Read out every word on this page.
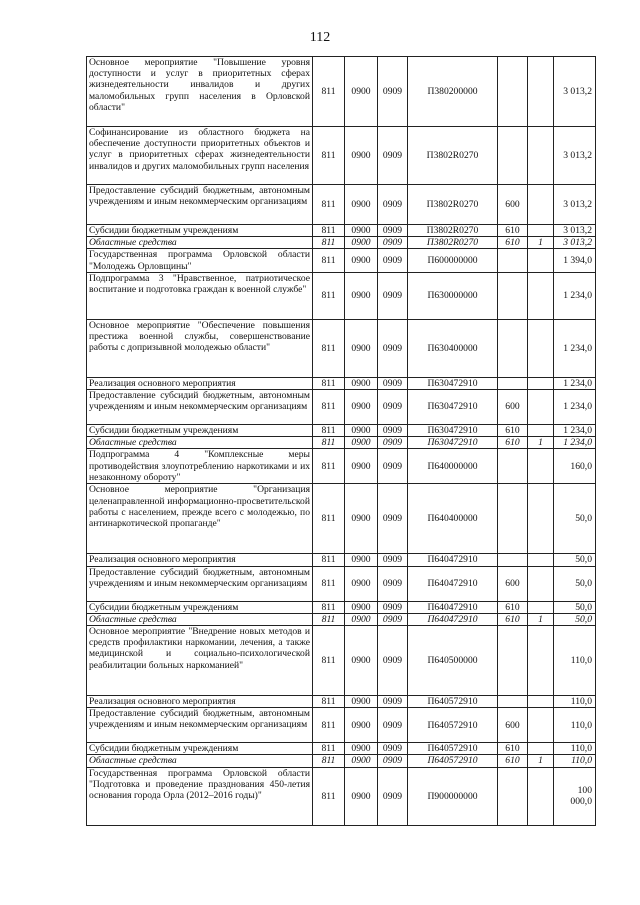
112
Основное мероприятие "Повышение уровня доступности и услуг в приоритетных сферах жизнедеятельности инвалидов и других маломобильных групп населения в Орловской области"	811	0900	0909	П380200000			3 013,2
Софинансирование из областного бюджета на обеспечение доступности приоритетных объектов и услуг в приоритетных сферах жизнедеятельности инвалидов и других маломобильных групп населения	811	0900	0909	П3802R0270			3 013,2
Предоставление субсидий бюджетным, автономным учреждениям и иным некоммерческим организациям	811	0900	0909	П3802R0270	600		3 013,2
Субсидии бюджетным учреждениям	811	0900	0909	П3802R0270	610		3 013,2
Областные средства	811	0900	0909	П3802R0270	610	1	3 013,2
Государственная программа Орловской области "Молодежь Орловщины"	811	0900	0909	П600000000			1 394,0
Подпрограмма 3 "Нравственное, патриотическое воспитание и подготовка граждан к военной службе"	811	0900	0909	П630000000			1 234,0
Основное мероприятие "Обеспечение повышения престижа военной службы, совершенствование работы с допризывной молодежью области"	811	0900	0909	П630400000			1 234,0
Реализация основного мероприятия	811	0900	0909	П630472910			1 234,0
Предоставление субсидий бюджетным, автономным учреждениям и иным некоммерческим организациям	811	0900	0909	П630472910	600		1 234,0
Субсидии бюджетным учреждениям	811	0900	0909	П630472910	610		1 234,0
Областные средства	811	0900	0909	П630472910	610	1	1 234,0
Подпрограмма 4 "Комплексные меры противодействия злоупотреблению наркотиками и их незаконному обороту"	811	0900	0909	П640000000			160,0
Основное мероприятие "Организация целенаправленной информационно-просветительской работы с населением, прежде всего с молодежью, по антинаркотической пропаганде"	811	0900	0909	П640400000			50,0
Реализация основного мероприятия	811	0900	0909	П640472910			50,0
Предоставление субсидий бюджетным, автономным учреждениям и иным некоммерческим организациям	811	0900	0909	П640472910	600		50,0
Субсидии бюджетным учреждениям	811	0900	0909	П640472910	610		50,0
Областные средства	811	0900	0909	П640472910	610	1	50,0
Основное мероприятие "Внедрение новых методов и средств профилактики наркомании, лечения, а также медицинской и социально-психологической реабилитации больных наркоманией"	811	0900	0909	П640500000			110,0
Реализация основного мероприятия	811	0900	0909	П640572910			110,0
Предоставление субсидий бюджетным, автономным учреждениям и иным некоммерческим организациям	811	0900	0909	П640572910	600		110,0
Субсидии бюджетным учреждениям	811	0900	0909	П640572910	610		110,0
Областные средства	811	0900	0909	П640572910	610	1	110,0
Государственная программа Орловской области "Подготовка и проведение празднования 450-летия основания города Орла (2012–2016 годы)"	811	0900	0909	П900000000			100 000,0
